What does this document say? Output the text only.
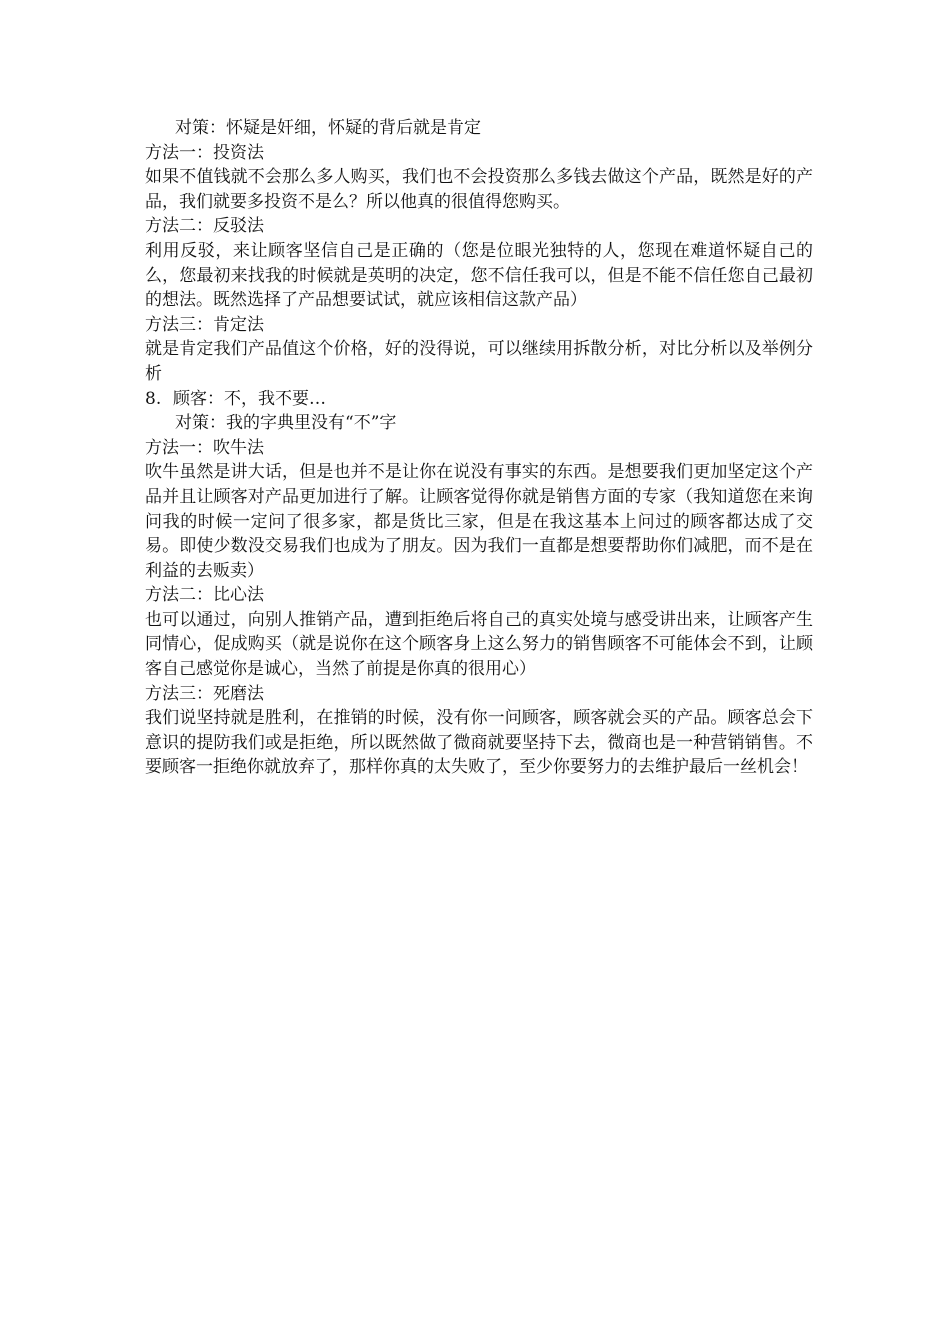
对策：怀疑是奸细，怀疑的背后就是肯定

方法一：投资法

如果不值钱就不会那么多人购买，我们也不会投资那么多钱去做这个产品，既然是好的产品，我们就要多投资不是么？所以他真的很值得您购买。

方法二：反驳法

利用反驳，来让顾客坚信自己是正确的（您是位眼光独特的人，您现在难道怀疑自己的么，您最初来找我的时候就是英明的决定，您不信任我可以，但是不能不信任您自己最初的想法。既然选择了产品想要试试，就应该相信这款产品）

方法三：肯定法

就是肯定我们产品值这个价格，好的没得说，可以继续用拆散分析，对比分析以及举例分析

8. 顾客：不，我不要…

对策：我的字典里没有“不”字

方法一：吹牛法

吹牛虽然是讲大话，但是也并不是让你在说没有事实的东西。是想要我们更加坚定这个产品并且让顾客对产品更加进行了解。让顾客觉得你就是销售方面的专家（我知道您在来询问我的时候一定问了很多家，都是货比三家，但是在我这基本上问过的顾客都达成了交易。即使少数没交易我们也成为了朋友。因为我们一直都是想要帮助你们减肥，而不是在利益的去贩卖）

方法二：比心法

也可以通过，向别人推销产品，遭到拒绝后将自己的真实处境与感受讲出来，让顾客产生同情心，促成购买（就是说你在这个顾客身上这么努力的销售顾客不可能体会不到，让顾客自己感觉你是诚心，当然了前提是你真的很用心）

方法三：死磨法

我们说坚持就是胜利，在推销的时候，没有你一问顾客，顾客就会买的产品。顾客总会下意识的提防我们或是拒绝，所以既然做了微商就要坚持下去，微商也是一种营销销售。不要顾客一拒绝你就放弃了，那样你真的太失败了，至少你要努力的去维护最后一丝机会！
